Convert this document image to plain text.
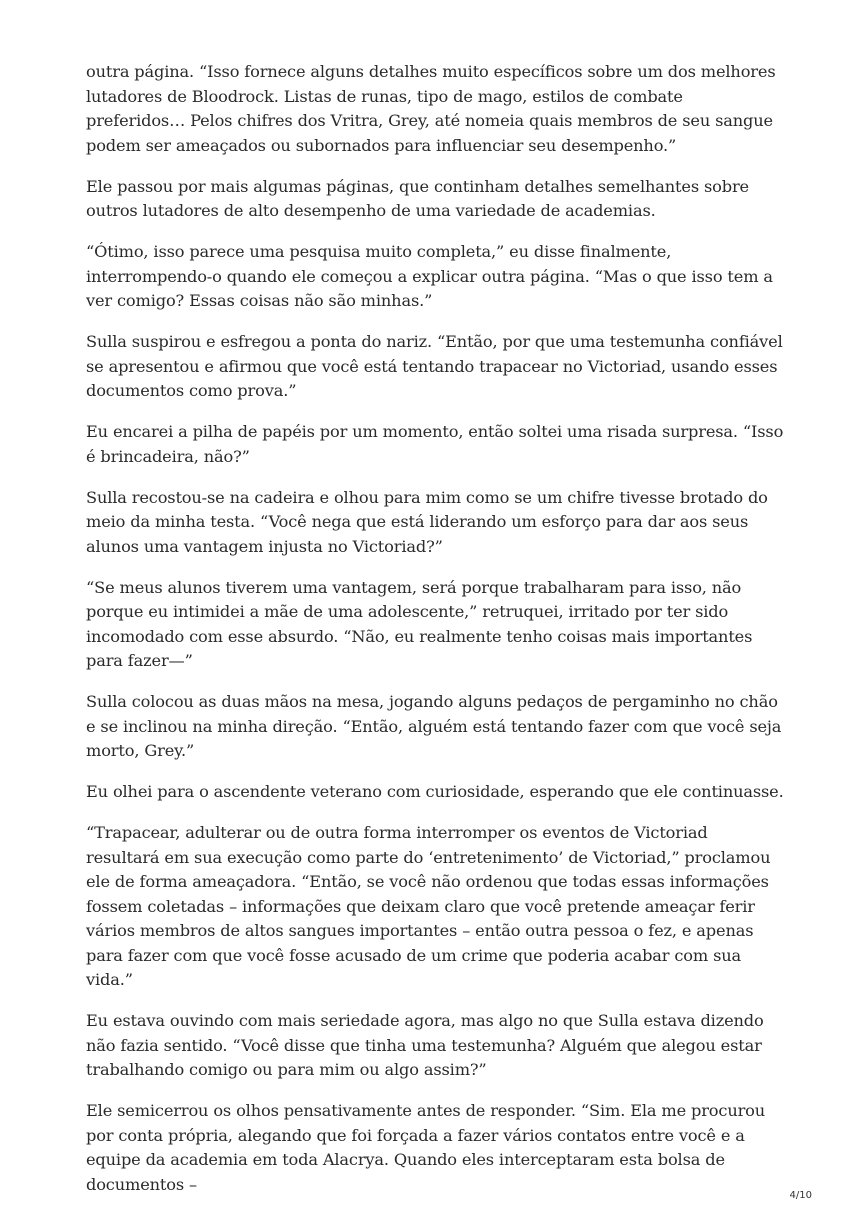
outra página. “Isso fornece alguns detalhes muito específicos sobre um dos melhores lutadores de Bloodrock. Listas de runas, tipo de mago, estilos de combate preferidos… Pelos chifres dos Vritra, Grey, até nomeia quais membros de seu sangue podem ser ameaçados ou subornados para influenciar seu desempenho.”

Ele passou por mais algumas páginas, que continham detalhes semelhantes sobre outros lutadores de alto desempenho de uma variedade de academias.

“Ótimo, isso parece uma pesquisa muito completa,” eu disse finalmente, interrompendo-o quando ele começou a explicar outra página. “Mas o que isso tem a ver comigo? Essas coisas não são minhas.”

Sulla suspirou e esfregou a ponta do nariz. “Então, por que uma testemunha confiável se apresentou e afirmou que você está tentando trapacear no Victoriad, usando esses documentos como prova.”

Eu encarei a pilha de papéis por um momento, então soltei uma risada surpresa. “Isso é brincadeira, não?”

Sulla recostou-se na cadeira e olhou para mim como se um chifre tivesse brotado do meio da minha testa. “Você nega que está liderando um esforço para dar aos seus alunos uma vantagem injusta no Victoriad?”

“Se meus alunos tiverem uma vantagem, será porque trabalharam para isso, não porque eu intimidei a mãe de uma adolescente,” retruquei, irritado por ter sido incomodado com esse absurdo. “Não, eu realmente tenho coisas mais importantes para fazer—”

Sulla colocou as duas mãos na mesa, jogando alguns pedaços de pergaminho no chão e se inclinou na minha direção. “Então, alguém está tentando fazer com que você seja morto, Grey.”

Eu olhei para o ascendente veterano com curiosidade, esperando que ele continuasse.

“Trapacear, adulterar ou de outra forma interromper os eventos de Victoriad resultará em sua execução como parte do ‘entretenimento’ de Victoriad,” proclamou ele de forma ameaçadora. “Então, se você não ordenou que todas essas informações fossem coletadas – informações que deixam claro que você pretende ameaçar ferir vários membros de altos sangues importantes – então outra pessoa o fez, e apenas para fazer com que você fosse acusado de um crime que poderia acabar com sua vida.”

Eu estava ouvindo com mais seriedade agora, mas algo no que Sulla estava dizendo não fazia sentido. “Você disse que tinha uma testemunha? Alguém que alegou estar trabalhando comigo ou para mim ou algo assim?”

Ele semicerrou os olhos pensativamente antes de responder. “Sim. Ela me procurou por conta própria, alegando que foi forçada a fazer vários contatos entre você e a equipe da academia em toda Alacrya. Quando eles interceptaram esta bolsa de documentos –

4/10
